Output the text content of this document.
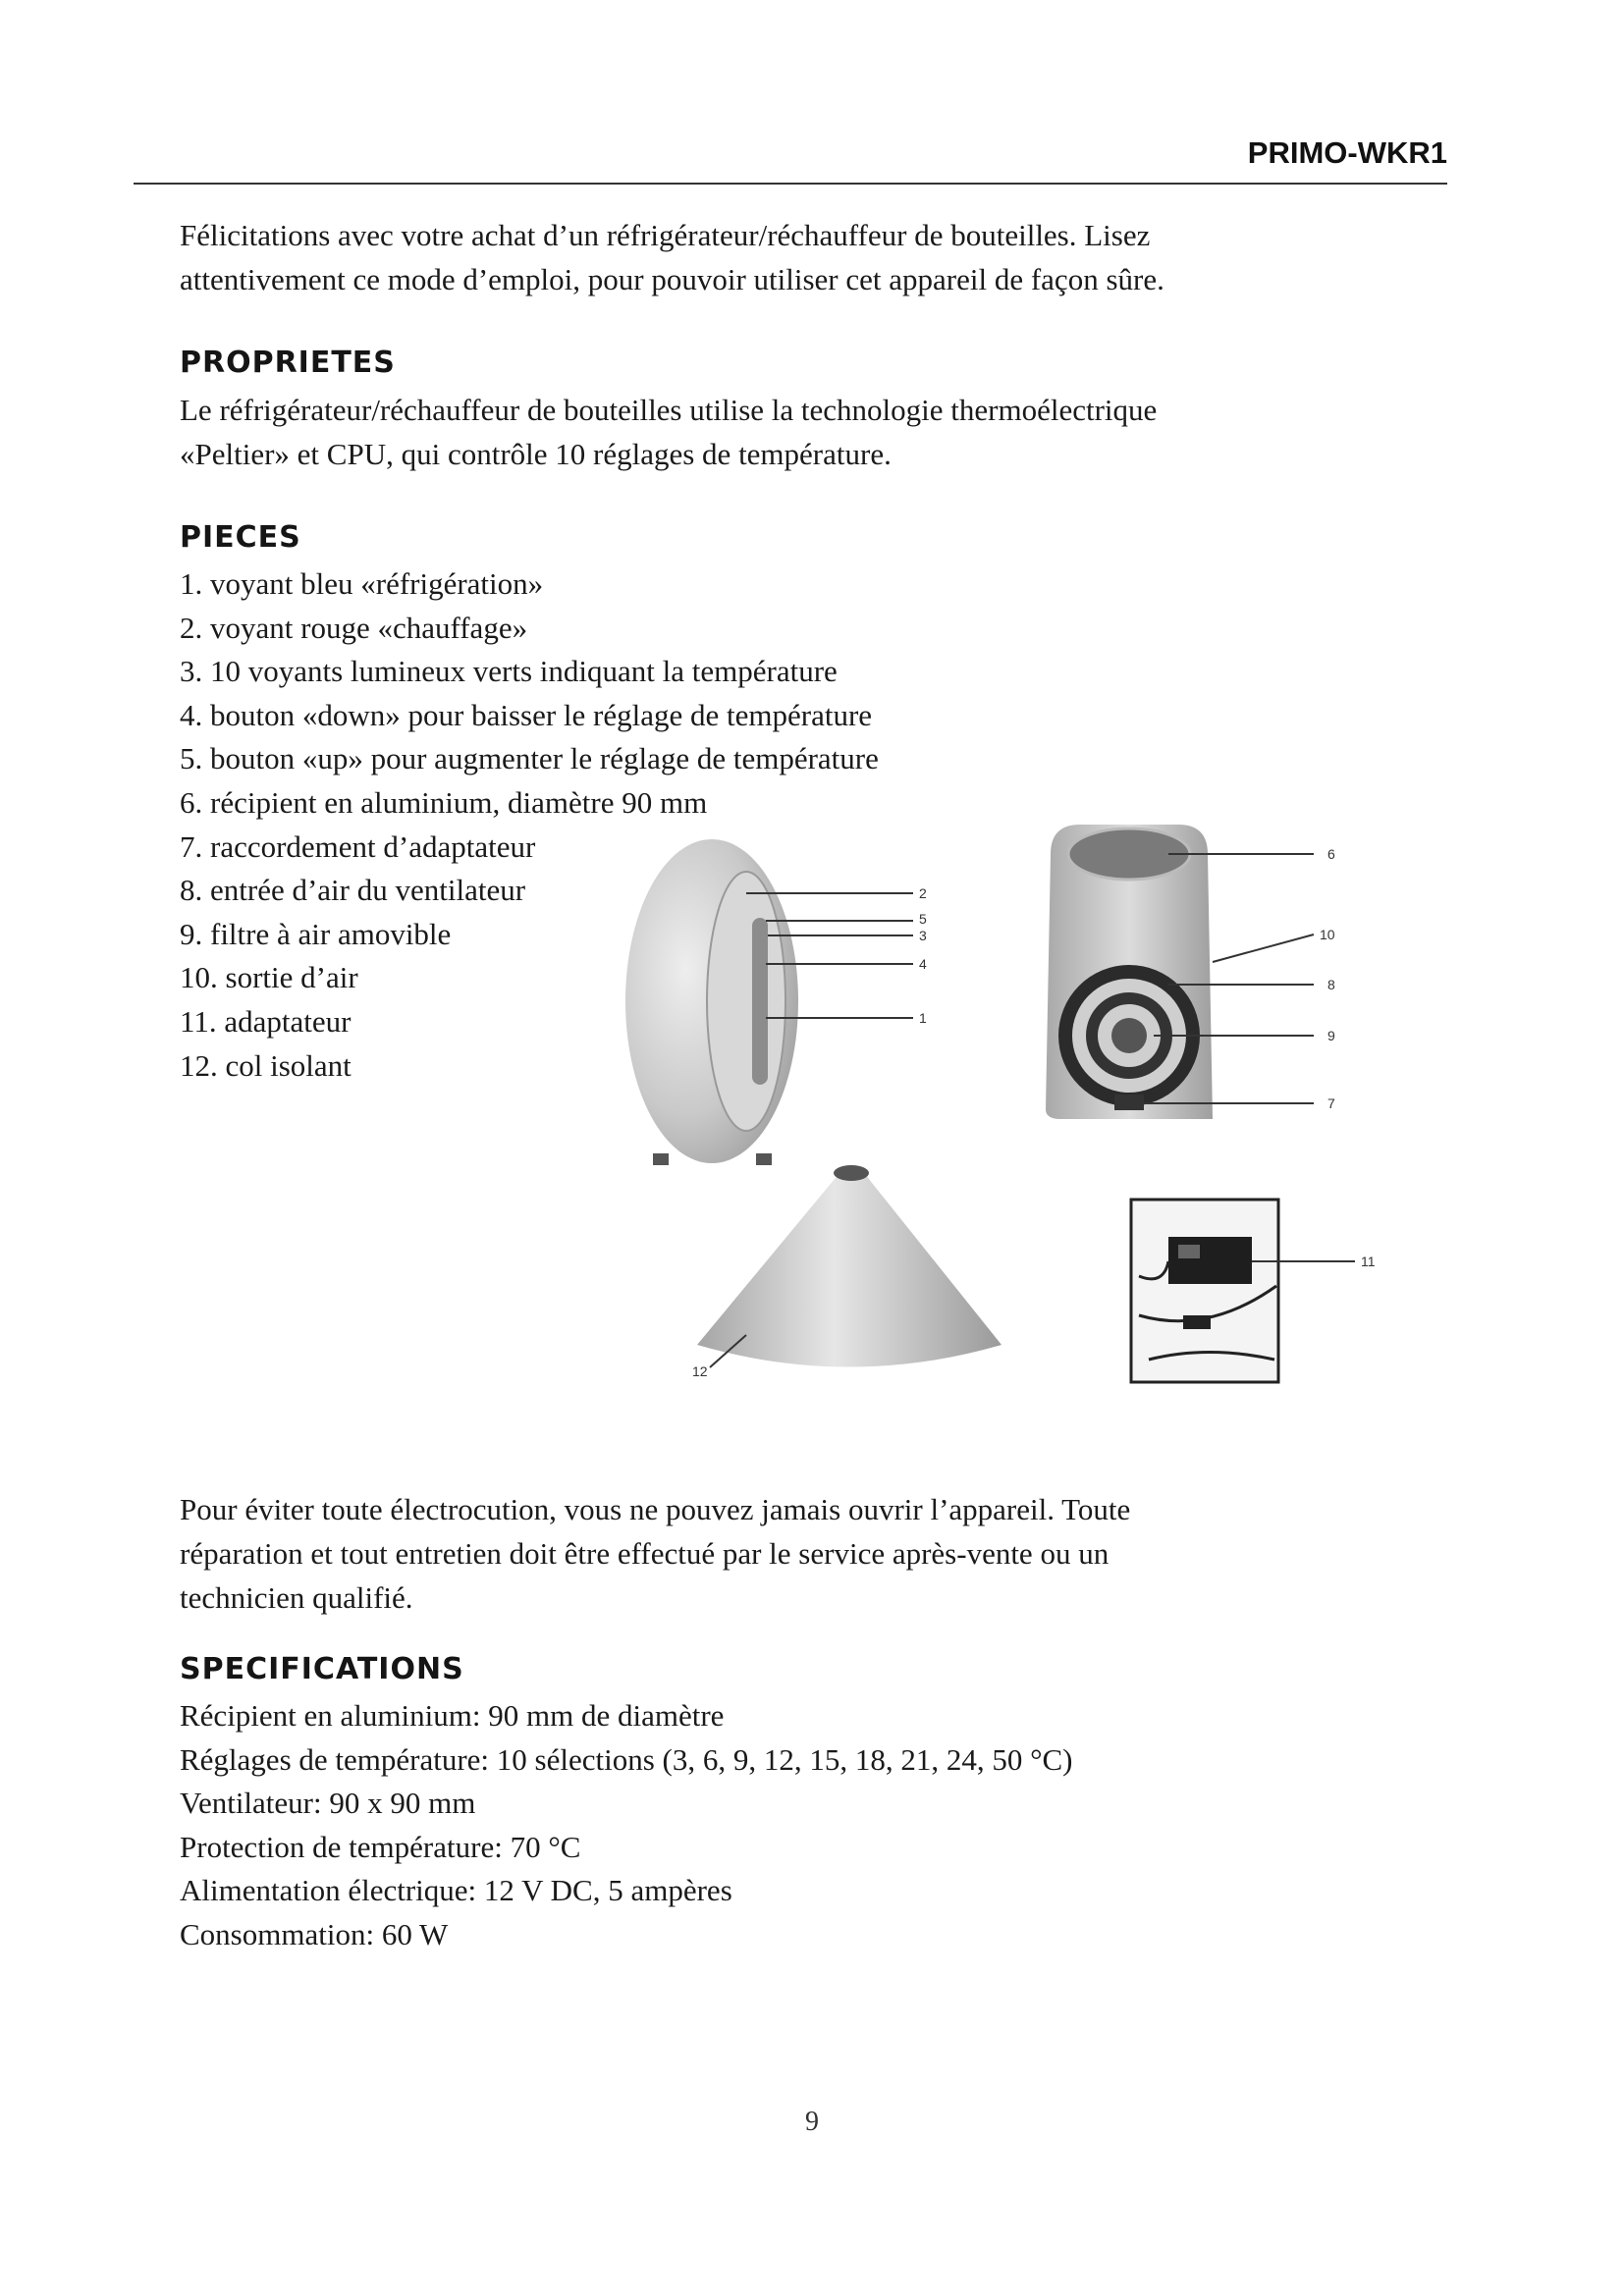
PRIMO-WKR1

Félicitations avec votre achat d’un réfrigérateur/réchauffeur de bouteilles. Lisez

attentivement ce mode d’emploi, pour pouvoir utiliser cet appareil de façon sûre.

PROPRIETES

Le réfrigérateur/réchauffeur de bouteilles utilise la technologie thermoélectrique

«Peltier» et CPU, qui contrôle 10 réglages de température.

PIECES
1. voyant bleu «réfrigération»
2. voyant rouge «chauffage»
3. 10 voyants lumineux verts indiquant la température
4. bouton «down» pour baisser le réglage de température
5. bouton «up» pour augmenter le réglage de température
6. récipient en aluminium, diamètre 90 mm
7. raccordement d’adaptateur
8. entrée d’air du ventilateur
9. filtre à air amovible
10. sortie d’air
11. adaptateur
12. col isolant
2
5
3
4
1
6
10
8
9
7
12
11

Pour éviter toute électrocution, vous ne pouvez jamais ouvrir l’appareil. Toute

réparation et tout entretien doit être effectué par le service après-vente ou un

technicien qualifié.

SPECIFICATIONS
Récipient en aluminium: 90 mm de diamètre
Réglages de température: 10 sélections (3, 6, 9, 12, 15, 18, 21, 24, 50 °C)
Ventilateur: 90 x 90 mm
Protection de température: 70 °C
Alimentation électrique: 12 V DC, 5 ampères
Consommation: 60 W
9
